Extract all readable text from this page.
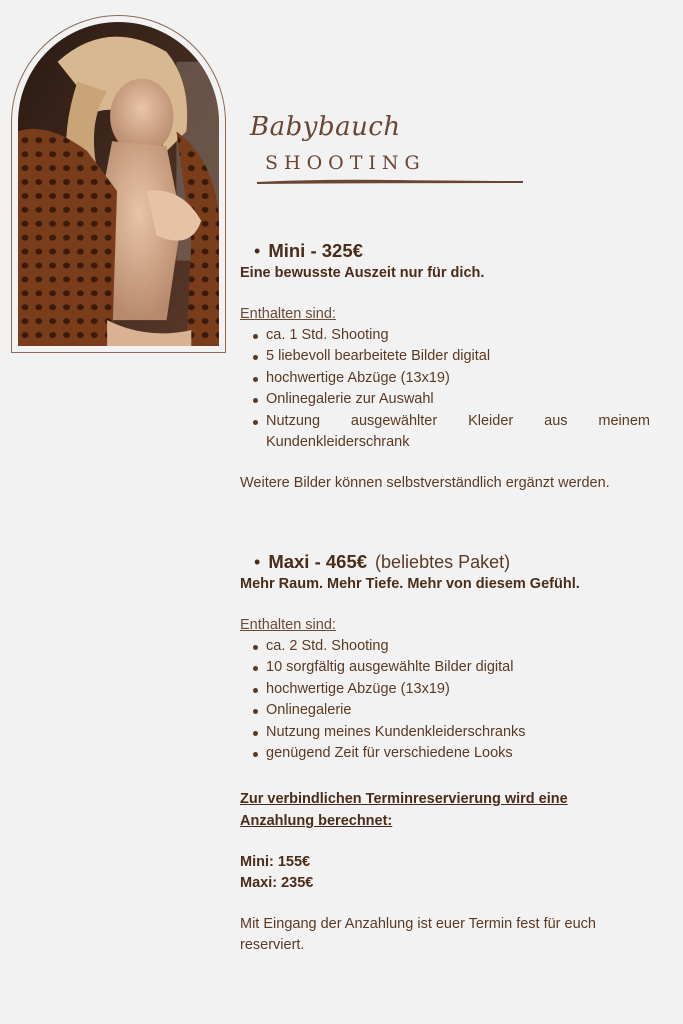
Babybauch
SHOOTING
• Mini - 325€
Eine bewusste Auszeit nur für dich.
Enthalten sind:
ca. 1 Std. Shooting
5 liebevoll bearbeitete Bilder digital
hochwertige Abzüge (13x19)
Onlinegalerie zur Auswahl
Nutzung ausgewählter Kleider aus meinem Kundenkleiderschrank
Weitere Bilder können selbstverständlich ergänzt werden.
• Maxi - 465€ (beliebtes Paket)
Mehr Raum. Mehr Tiefe. Mehr von diesem Gefühl.
Enthalten sind:
ca. 2 Std. Shooting
10 sorgfältig ausgewählte Bilder digital
hochwertige Abzüge (13x19)
Onlinegalerie
Nutzung meines Kundenkleiderschranks
genügend Zeit für verschiedene Looks
Zur verbindlichen Terminreservierung wird eine Anzahlung berechnet:
Mini: 155€
Maxi: 235€
Mit Eingang der Anzahlung ist euer Termin fest für euch reserviert.
